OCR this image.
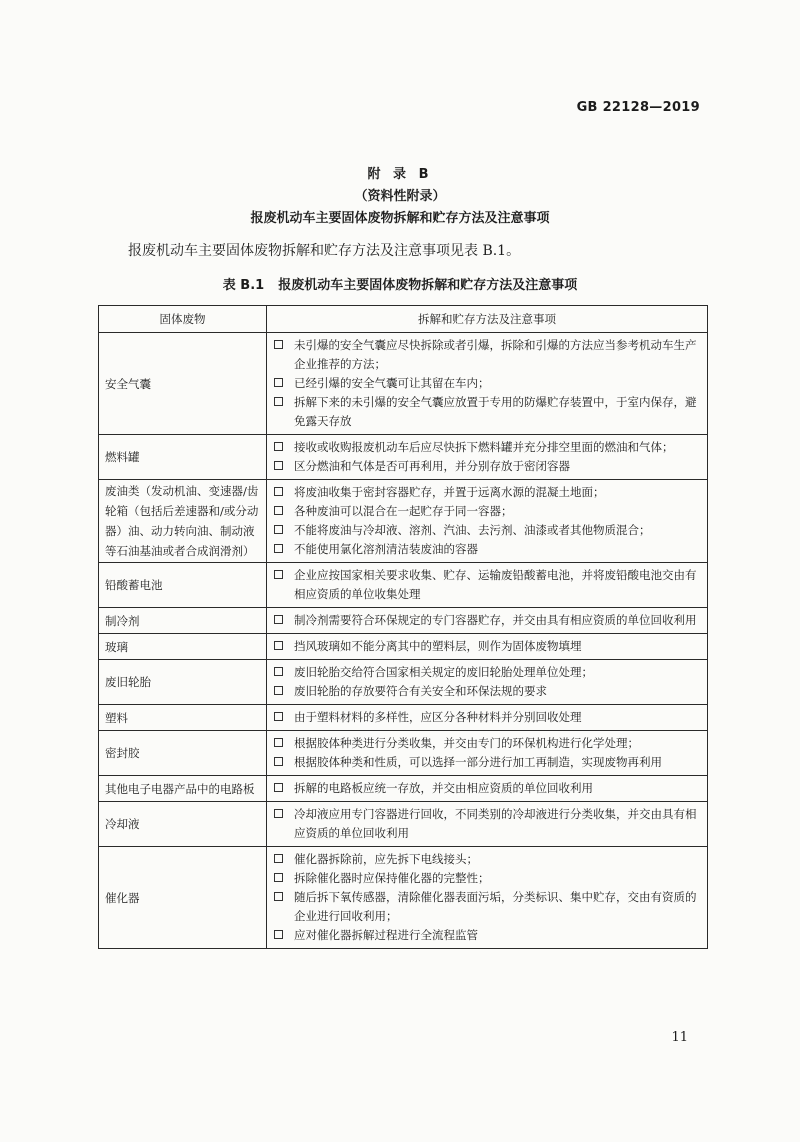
GB 22128—2019
附 录 B
（资料性附录）
报废机动车主要固体废物拆解和贮存方法及注意事项
报废机动车主要固体废物拆解和贮存方法及注意事项见表 B.1。
表 B.1 报废机动车主要固体废物拆解和贮存方法及注意事项
固体废物	拆解和贮存方法及注意事项
安全气囊	未引爆的安全气囊应尽快拆除或者引爆，拆除和引爆的方法应当参考机动车生产企业推荐的方法；
已经引爆的安全气囊可让其留在车内；
拆解下来的未引爆的安全气囊应放置于专用的防爆贮存装置中，于室内保存，避免露天存放

燃料罐	接收或收购报废机动车后应尽快拆下燃料罐并充分排空里面的燃油和气体；
区分燃油和气体是否可再利用，并分别存放于密闭容器

废油类（发动机油、变速器/齿轮箱（包括后差速器和/或分动器）油、动力转向油、制动液等石油基油或者合成润滑剂）	将废油收集于密封容器贮存，并置于远离水源的混凝土地面；
各种废油可以混合在一起贮存于同一容器；
不能将废油与冷却液、溶剂、汽油、去污剂、油漆或者其他物质混合；
不能使用氯化溶剂清洁装废油的容器

铅酸蓄电池	企业应按国家相关要求收集、贮存、运输废铅酸蓄电池，并将废铅酸电池交由有相应资质的单位收集处理

制冷剂	制冷剂需要符合环保规定的专门容器贮存，并交由具有相应资质的单位回收利用

玻璃	挡风玻璃如不能分离其中的塑料层，则作为固体废物填埋

废旧轮胎	废旧轮胎交给符合国家相关规定的废旧轮胎处理单位处理；
废旧轮胎的存放要符合有关安全和环保法规的要求

塑料	由于塑料材料的多样性，应区分各种材料并分别回收处理

密封胶	根据胶体种类进行分类收集，并交由专门的环保机构进行化学处理；
根据胶体种类和性质，可以选择一部分进行加工再制造，实现废物再利用

其他电子电器产品中的电路板	拆解的电路板应统一存放，并交由相应资质的单位回收利用

冷却液	冷却液应用专门容器进行回收，不同类别的冷却液进行分类收集，并交由具有相应资质的单位回收利用

催化器	催化器拆除前，应先拆下电线接头；
拆除催化器时应保持催化器的完整性；
随后拆下氧传感器，清除催化器表面污垢，分类标识、集中贮存，交由有资质的企业进行回收利用；
应对催化器拆解过程进行全流程监管
11
